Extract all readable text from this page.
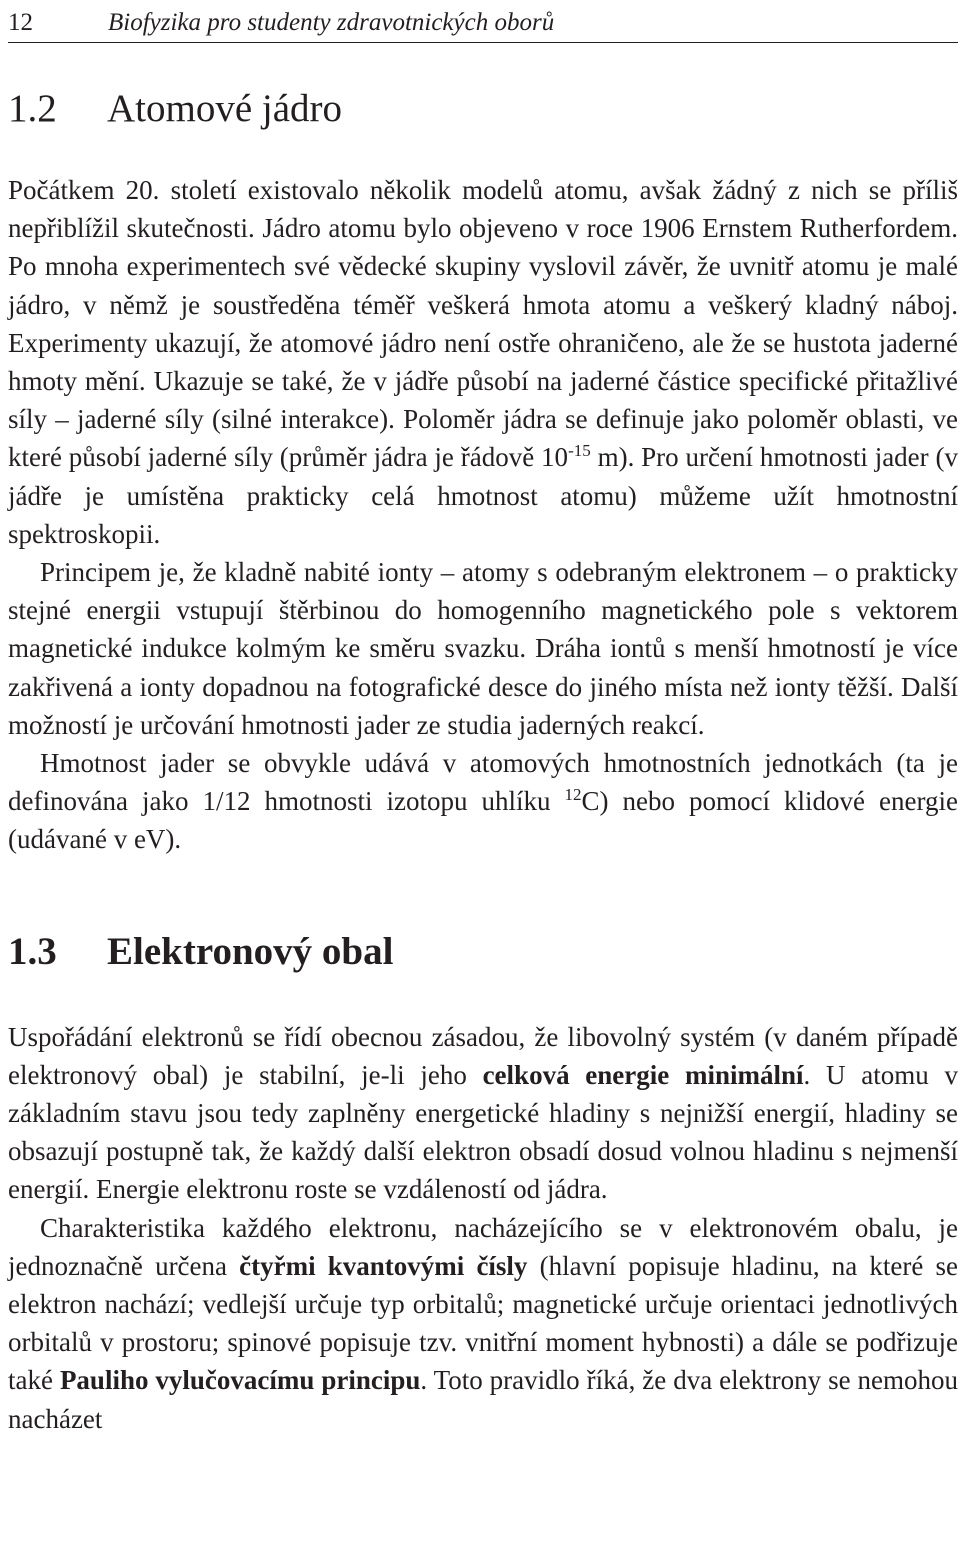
12	Biofyzika pro studenty zdravotnických oborů
1.2	Atomové jádro

Počátkem 20. století existovalo několik modelů atomu, avšak žádný z nich se příliš nepřiblížil skutečnosti. Jádro atomu bylo objeveno v roce 1906 Ernstem Rutherfordem. Po mnoha experimentech své vědecké skupiny vyslovil závěr, že uvnitř atomu je malé jádro, v němž je soustředěna téměř veškerá hmota atomu a veškerý kladný náboj. Experimenty ukazují, že atomové jádro není ostře ohraničeno, ale že se hustota jaderné hmoty mění. Ukazuje se také, že v jádře působí na jaderné částice specifické přitažlivé síly – jaderné síly (silné interakce). Poloměr jádra se definuje jako poloměr oblasti, ve které působí jaderné síly (průměr jádra je řádově $10^{-15}$ m). Pro určení hmotnosti jader (v jádře je umístěna prakticky celá hmotnost atomu) můžeme užít hmotnostní spektroskopii.

Principem je, že kladně nabité ionty – atomy s odebraným elektronem – o prakticky stejné energii vstupují štěrbinou do homogenního magnetického pole s vektorem magnetické indukce kolmým ke směru svazku. Dráha iontů s menší hmotností je více zakřivená a ionty dopadnou na fotografické desce do jiného místa než ionty těžší. Další možností je určování hmotnosti jader ze studia jaderných reakcí.

Hmotnost jader se obvykle udává v atomových hmotnostních jednotkách (ta je definována jako 1/12 hmotnosti izotopu uhlíku $^{12}$C) nebo pomocí klidové energie (udávané v eV).

1.3	Elektronový obal

Uspořádání elektronů se řídí obecnou zásadou, že libovolný systém (v daném případě elektronový obal) je stabilní, je-li jeho celková energie minimální. U atomu v základním stavu jsou tedy zaplněny energetické hladiny s nejnižší energií, hladiny se obsazují postupně tak, že každý další elektron obsadí dosud volnou hladinu s nejmenší energií. Energie elektronu roste se vzdáleností od jádra.

Charakteristika každého elektronu, nacházejícího se v elektronovém obalu, je jednoznačně určena čtyřmi kvantovými čísly (hlavní popisuje hladinu, na které se elektron nachází; vedlejší určuje typ orbitalů; magnetické určuje orientaci jednotlivých orbitalů v prostoru; spinové popisuje tzv. vnitřní moment hybnosti) a dále se podřizuje také Pauliho vylučovacímu principu. Toto pravidlo říká, že dva elektrony se nemohou nacházet
